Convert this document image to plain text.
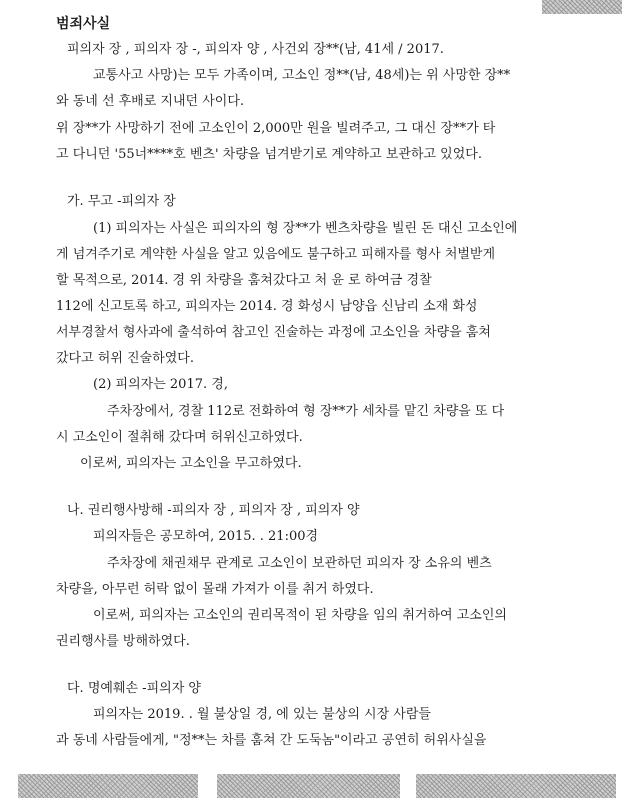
범죄사실
피의자 장 , 피의자 장 -, 피의자 양 , 사건외 장**(남, 41세 / 2017.
교통사고 사망)는 모두 가족이며, 고소인 정**(남, 48세)는 위 사망한 장**
와 동네 선 후배로 지내던 사이다.
위 장**가 사망하기 전에 고소인이 2,000만 원을 빌려주고, 그 대신 장**가 타
고 다니던 '55너****호 벤츠' 차량을 넘겨받기로 계약하고 보관하고 있었다.
가. 무고 -피의자 장
(1) 피의자는 사실은 피의자의 형 장**가 벤츠차량을 빌린 돈 대신 고소인에
게 넘겨주기로 계약한 사실을 알고 있음에도 불구하고 피해자를 형사 처벌받게
할 목적으로, 2014. 경 위 차량을 훔쳐갔다고 처 윤 로 하여금 경찰
112에 신고토록 하고, 피의자는 2014. 경 화성시 남양읍 신남리 소재 화성
서부경찰서 형사과에 출석하여 참고인 진술하는 과정에 고소인을 차량을 훔쳐
갔다고 허위 진술하였다.
(2) 피의자는 2017. 경,
주차장에서, 경찰 112로 전화하여 형 장**가 세차를 맡긴 차량을 또 다
시 고소인이 절취해 갔다며 허위신고하였다.
이로써, 피의자는 고소인을 무고하였다.
나. 권리행사방해 -피의자 장 , 피의자 장 , 피의자 양
피의자들은 공모하여, 2015. . 21:00경
주차장에 채권채무 관계로 고소인이 보관하던 피의자 장 소유의 벤츠
차량을, 아무런 허락 없이 몰래 가져가 이를 취거 하였다.
이로써, 피의자는 고소인의 권리목적이 된 차량을 임의 취거하여 고소인의
권리행사를 방해하였다.
다. 명예훼손 -피의자 양
피의자는 2019. . 월 불상일 경, 에 있는 불상의 시장 사람들
과 동네 사람들에게, "정**는 차를 훔쳐 간 도둑놈"이라고 공연히 허위사실을
